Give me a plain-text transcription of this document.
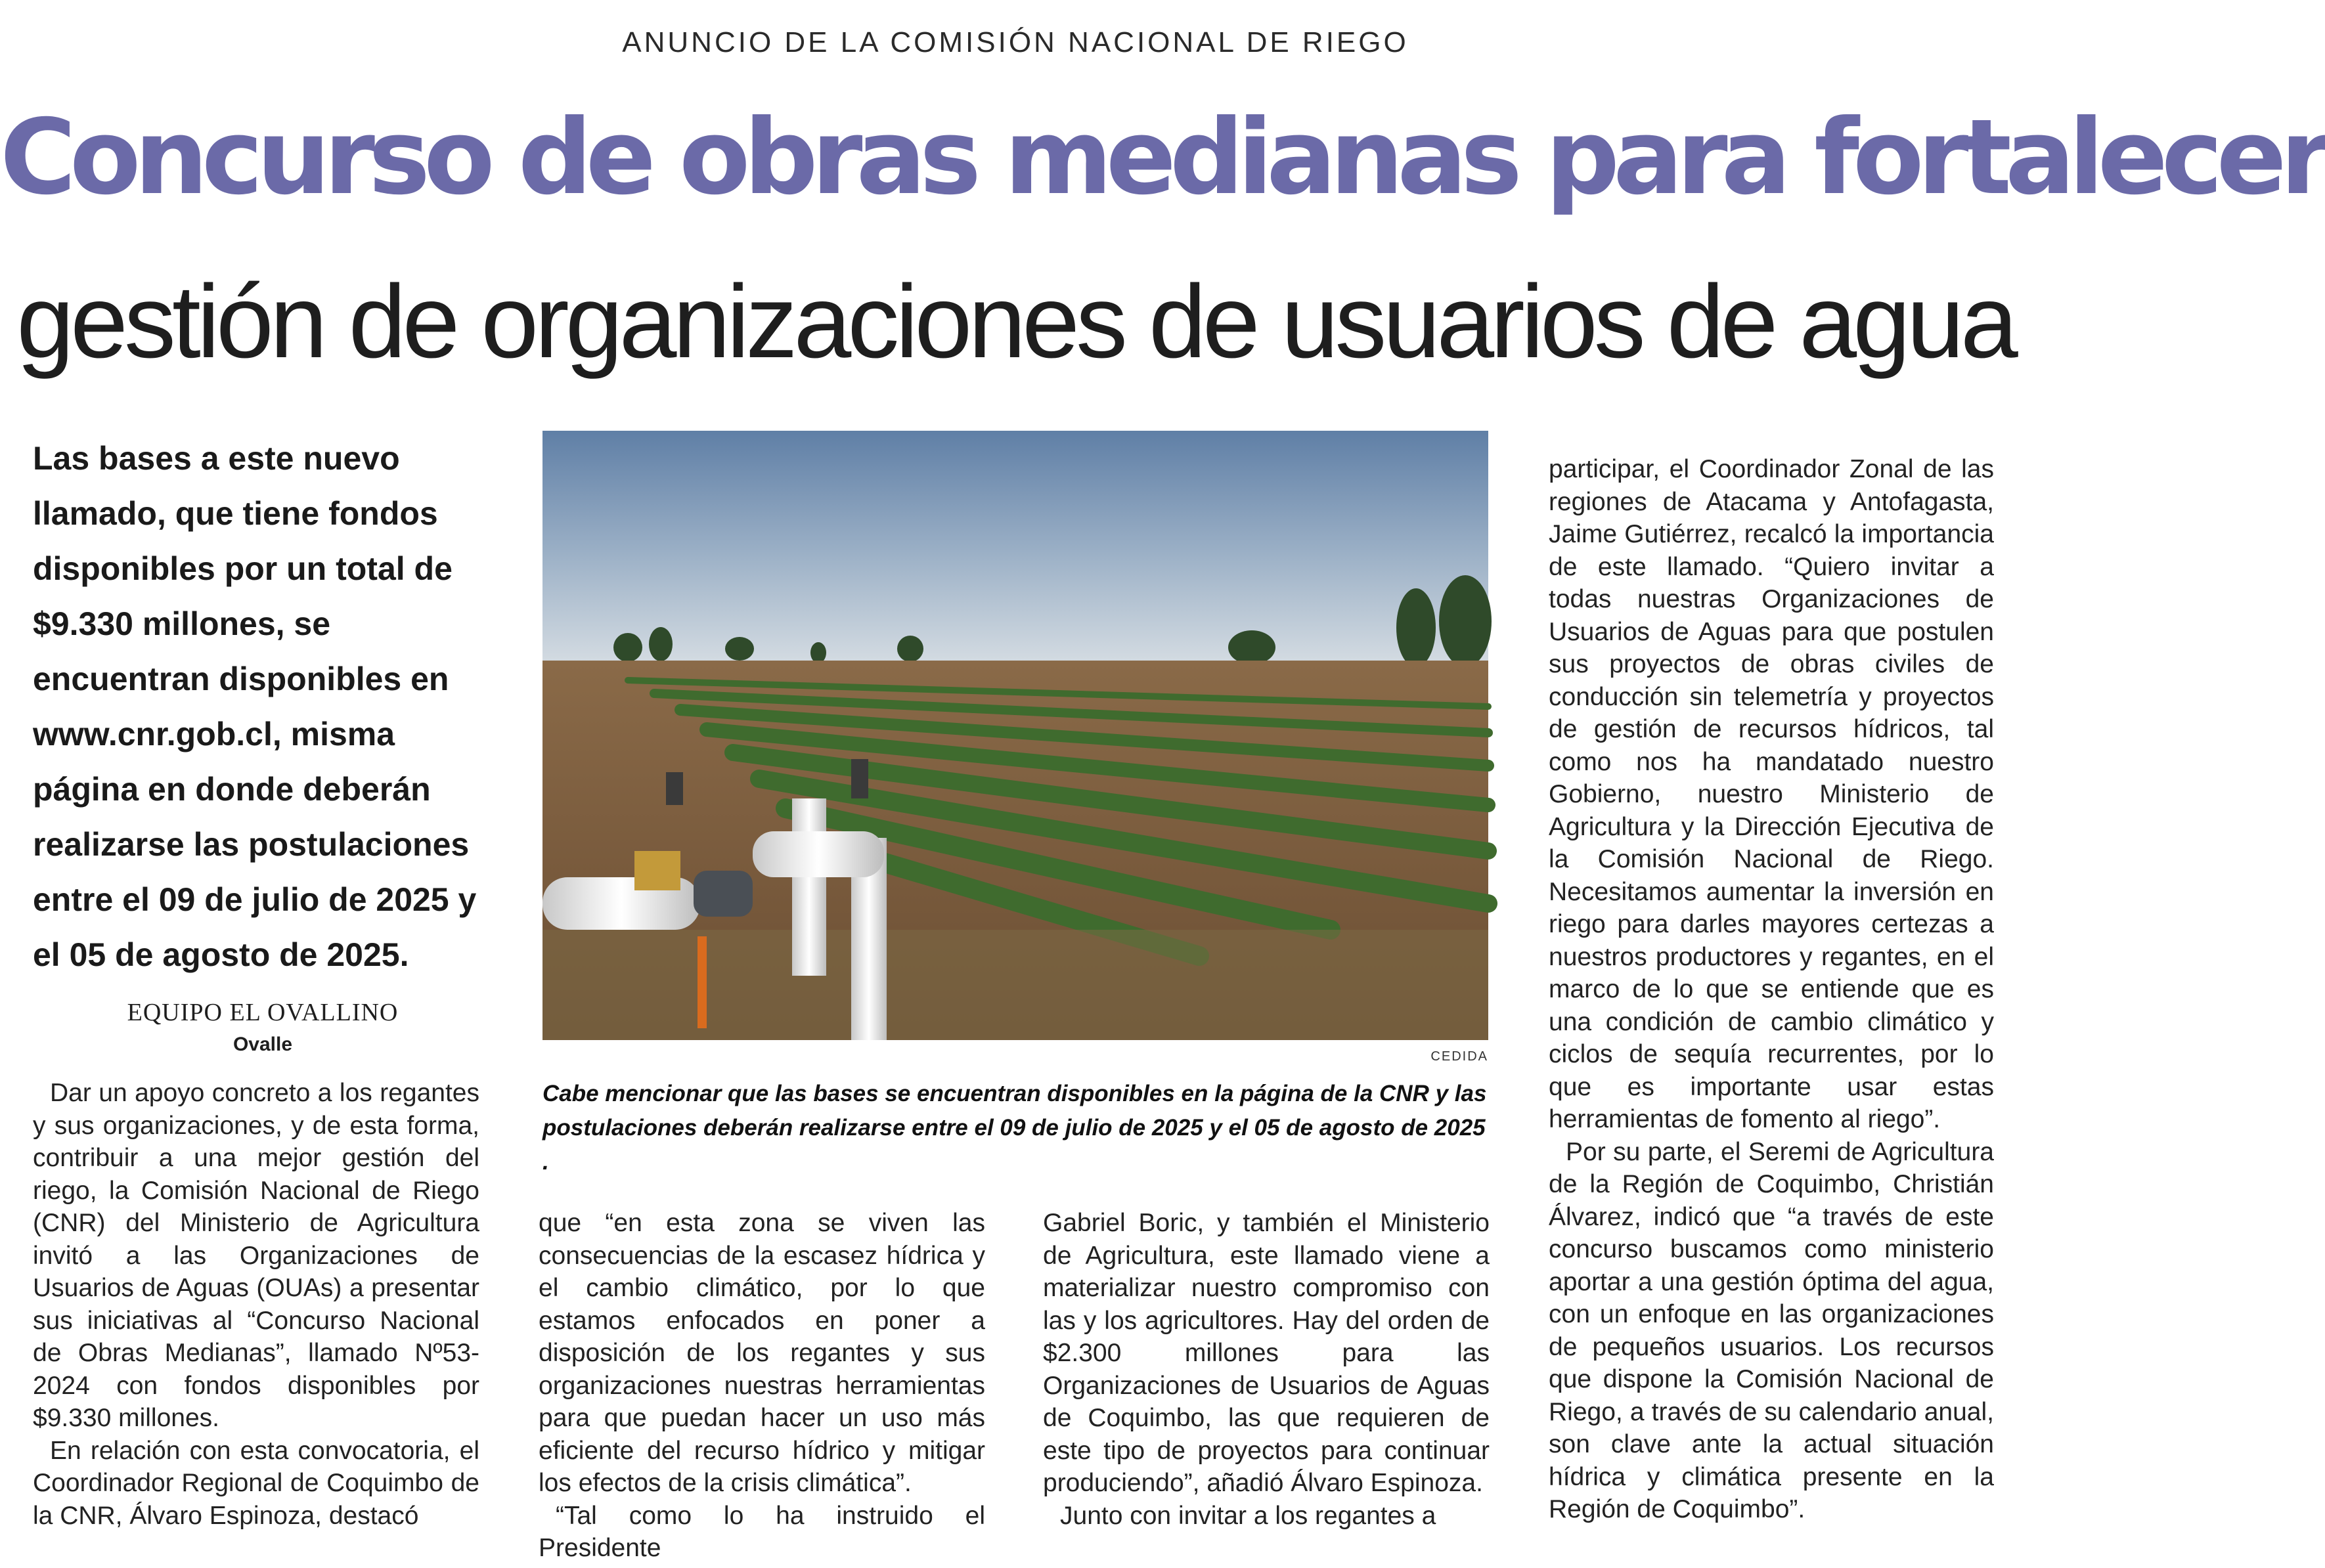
ANUNCIO DE LA COMISIÓN NACIONAL DE RIEGO
Concurso de obras medianas para fortalecer
gestión de organizaciones de usuarios de agua
Las bases a este nuevo llamado, que tiene fondos disponibles por un total de $9.330 millones, se encuentran disponibles en www.cnr.gob.cl, misma página en donde deberán realizarse las postulaciones entre el 09 de julio de 2025 y el 05 de agosto de 2025.
EQUIPO EL OVALLINO
Ovalle

Dar un apoyo concreto a los regantes y sus organizaciones, y de esta forma, contribuir a una mejor gestión del riego, la Comisión Nacional de Riego (CNR) del Ministerio de Agricultura invitó a las Organizaciones de Usuarios de Aguas (OUAs) a presentar sus iniciativas al “Concurso Nacional de Obras Medianas”, llamado Nº53-2024 con fondos disponibles por $9.330 millones.

En relación con esta convocatoria, el Coordinador Regional de Coquimbo de la CNR, Álvaro Espinoza, destacó

CEDIDA
Cabe mencionar que las bases se encuentran disponibles en la página de la CNR y las postulaciones deberán realizarse entre el 09 de julio de 2025 y el 05 de agosto de 2025 .

que “en esta zona se viven las consecuencias de la escasez hídrica y el cambio climático, por lo que estamos enfocados en poner a disposición de los regantes y sus organizaciones nuestras herramientas para que puedan hacer un uso más eficiente del recurso hídrico y mitigar los efectos de la crisis climática”.

“Tal como lo ha instruido el Presidente

Gabriel Boric, y también el Ministerio de Agricultura, este llamado viene a materializar nuestro compromiso con las y los agricultores. Hay del orden de $2.300 millones para las Organizaciones de Usuarios de Aguas de Coquimbo, las que requieren de este tipo de proyectos para continuar produciendo”, añadió Álvaro Espinoza.

Junto con invitar a los regantes a

participar, el Coordinador Zonal de las regiones de Atacama y Antofagasta, Jaime Gutiérrez, recalcó la importancia de este llamado. “Quiero invitar a todas nuestras Organizaciones de Usuarios de Aguas para que postulen sus proyectos de obras civiles de conducción sin telemetría y proyectos de gestión de recursos hídricos, tal como nos ha mandatado nuestro Gobierno, nuestro Ministerio de Agricultura y la Dirección Ejecutiva de la Comisión Nacional de Riego. Necesitamos aumentar la inversión en riego para darles mayores certezas a nuestros productores y regantes, en el marco de lo que se entiende que es una condición de cambio climático y ciclos de sequía recurrentes, por lo que es importante usar estas herramientas de fomento al riego”.

Por su parte, el Seremi de Agricultura de la Región de Coquimbo, Christián Álvarez, indicó que “a través de este concurso buscamos como ministerio aportar a una gestión óptima del agua, con un enfoque en las organizaciones de pequeños usuarios. Los recursos que dispone la Comisión Nacional de Riego, a través de su calendario anual, son clave ante la actual situación hídrica y climática presente en la Región de Coquimbo”.
